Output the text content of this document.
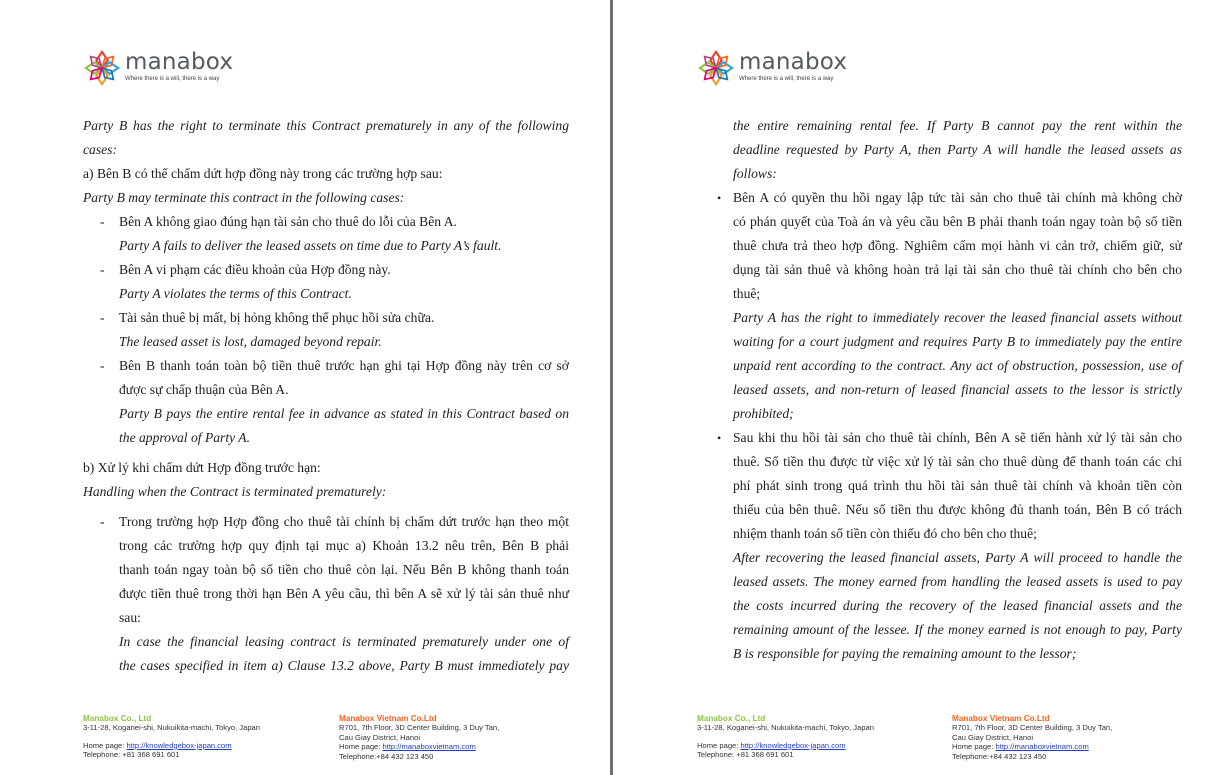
manabox
Where there is a will, there is a way
Party B has the right to terminate this Contract prematurely in any of the following
cases:
a) Bên B có thể chấm dứt hợp đồng này trong các trường hợp sau:
Party B may terminate this contract in the following cases:
- Bên A không giao đúng hạn tài sản cho thuê do lỗi của Bên A.
Party A fails to deliver the leased assets on time due to Party A’s fault.
- Bên A vi phạm các điều khoản của Hợp đồng này.
Party A violates the terms of this Contract.
- Tài sản thuê bị mất, bị hỏng không thể phục hồi sửa chữa.
The leased asset is lost, damaged beyond repair.
- Bên B thanh toán toàn bộ tiền thuê trước hạn ghi tại Hợp đồng này trên cơ sở
được sự chấp thuận của Bên A.
Party B pays the entire rental fee in advance as stated in this Contract based on
the approval of Party A.
b) Xử lý khi chấm dứt Hợp đồng trước hạn:
Handling when the Contract is terminated prematurely:
- Trong trường hợp Hợp đồng cho thuê tài chính bị chấm dứt trước hạn theo một
trong các trường hợp quy định tại mục a) Khoản 13.2 nêu trên, Bên B phải
thanh toán ngay toàn bộ số tiền cho thuê còn lại. Nếu Bên B không thanh toán
được tiền thuê trong thời hạn Bên A yêu cầu, thì bên A sẽ xử lý tài sản thuê như
sau:
In case the financial leasing contract is terminated prematurely under one of
the cases specified in item a) Clause 13.2 above, Party B must immediately pay
Manabox Co., Ltd
3-11-28, Koganei-shi, Nukuikita-machi, Tokyo, Japan
Home page: http://knowledgebox-japan.com
Telephone: +81 368 691 601
Manabox Vietnam Co.Ltd
R701, 7th Floor, 3D Center Building, 3 Duy Tan,
Cau Giay District, Hanoi
Home page: http://manaboxvietnam.com
Telephone:+84 432 123 450
manabox
Where there is a will, there is a way
the entire remaining rental fee. If Party B cannot pay the rent within the
deadline requested by Party A, then Party A will handle the leased assets as
follows:
• Bên A có quyền thu hồi ngay lập tức tài sản cho thuê tài chính mà không chờ
có phán quyết của Toà án và yêu cầu bên B phải thanh toán ngay toàn bộ số tiền
thuê chưa trả theo hợp đồng. Nghiêm cấm mọi hành vi cản trở, chiếm giữ, sử
dụng tài sản thuê và không hoàn trả lại tài sản cho thuê tài chính cho bên cho
thuê;
Party A has the right to immediately recover the leased financial assets without
waiting for a court judgment and requires Party B to immediately pay the entire
unpaid rent according to the contract. Any act of obstruction, possession, use of
leased assets, and non-return of leased financial assets to the lessor is strictly
prohibited;
• Sau khi thu hồi tài sản cho thuê tài chính, Bên A sẽ tiến hành xử lý tài sản cho
thuê. Số tiền thu được từ việc xử lý tài sản cho thuê dùng để thanh toán các chi
phí phát sinh trong quá trình thu hồi tài sản thuê tài chính và khoản tiền còn
thiếu của bên thuê. Nếu số tiền thu được không đủ thanh toán, Bên B có trách
nhiệm thanh toán số tiền còn thiếu đó cho bên cho thuê;
After recovering the leased financial assets, Party A will proceed to handle the
leased assets. The money earned from handling the leased assets is used to pay
the costs incurred during the recovery of the leased financial assets and the
remaining amount of the lessee. If the money earned is not enough to pay, Party
B is responsible for paying the remaining amount to the lessor;
Manabox Co., Ltd
3-11-28, Koganei-shi, Nukuikita-machi, Tokyo, Japan
Home page: http://knowledgebox-japan.com
Telephone: +81 368 691 601
Manabox Vietnam Co.Ltd
R701, 7th Floor, 3D Center Building, 3 Duy Tan,
Cau Giay District, Hanoi
Home page: http://manaboxvietnam.com
Telephone:+84 432 123 450
